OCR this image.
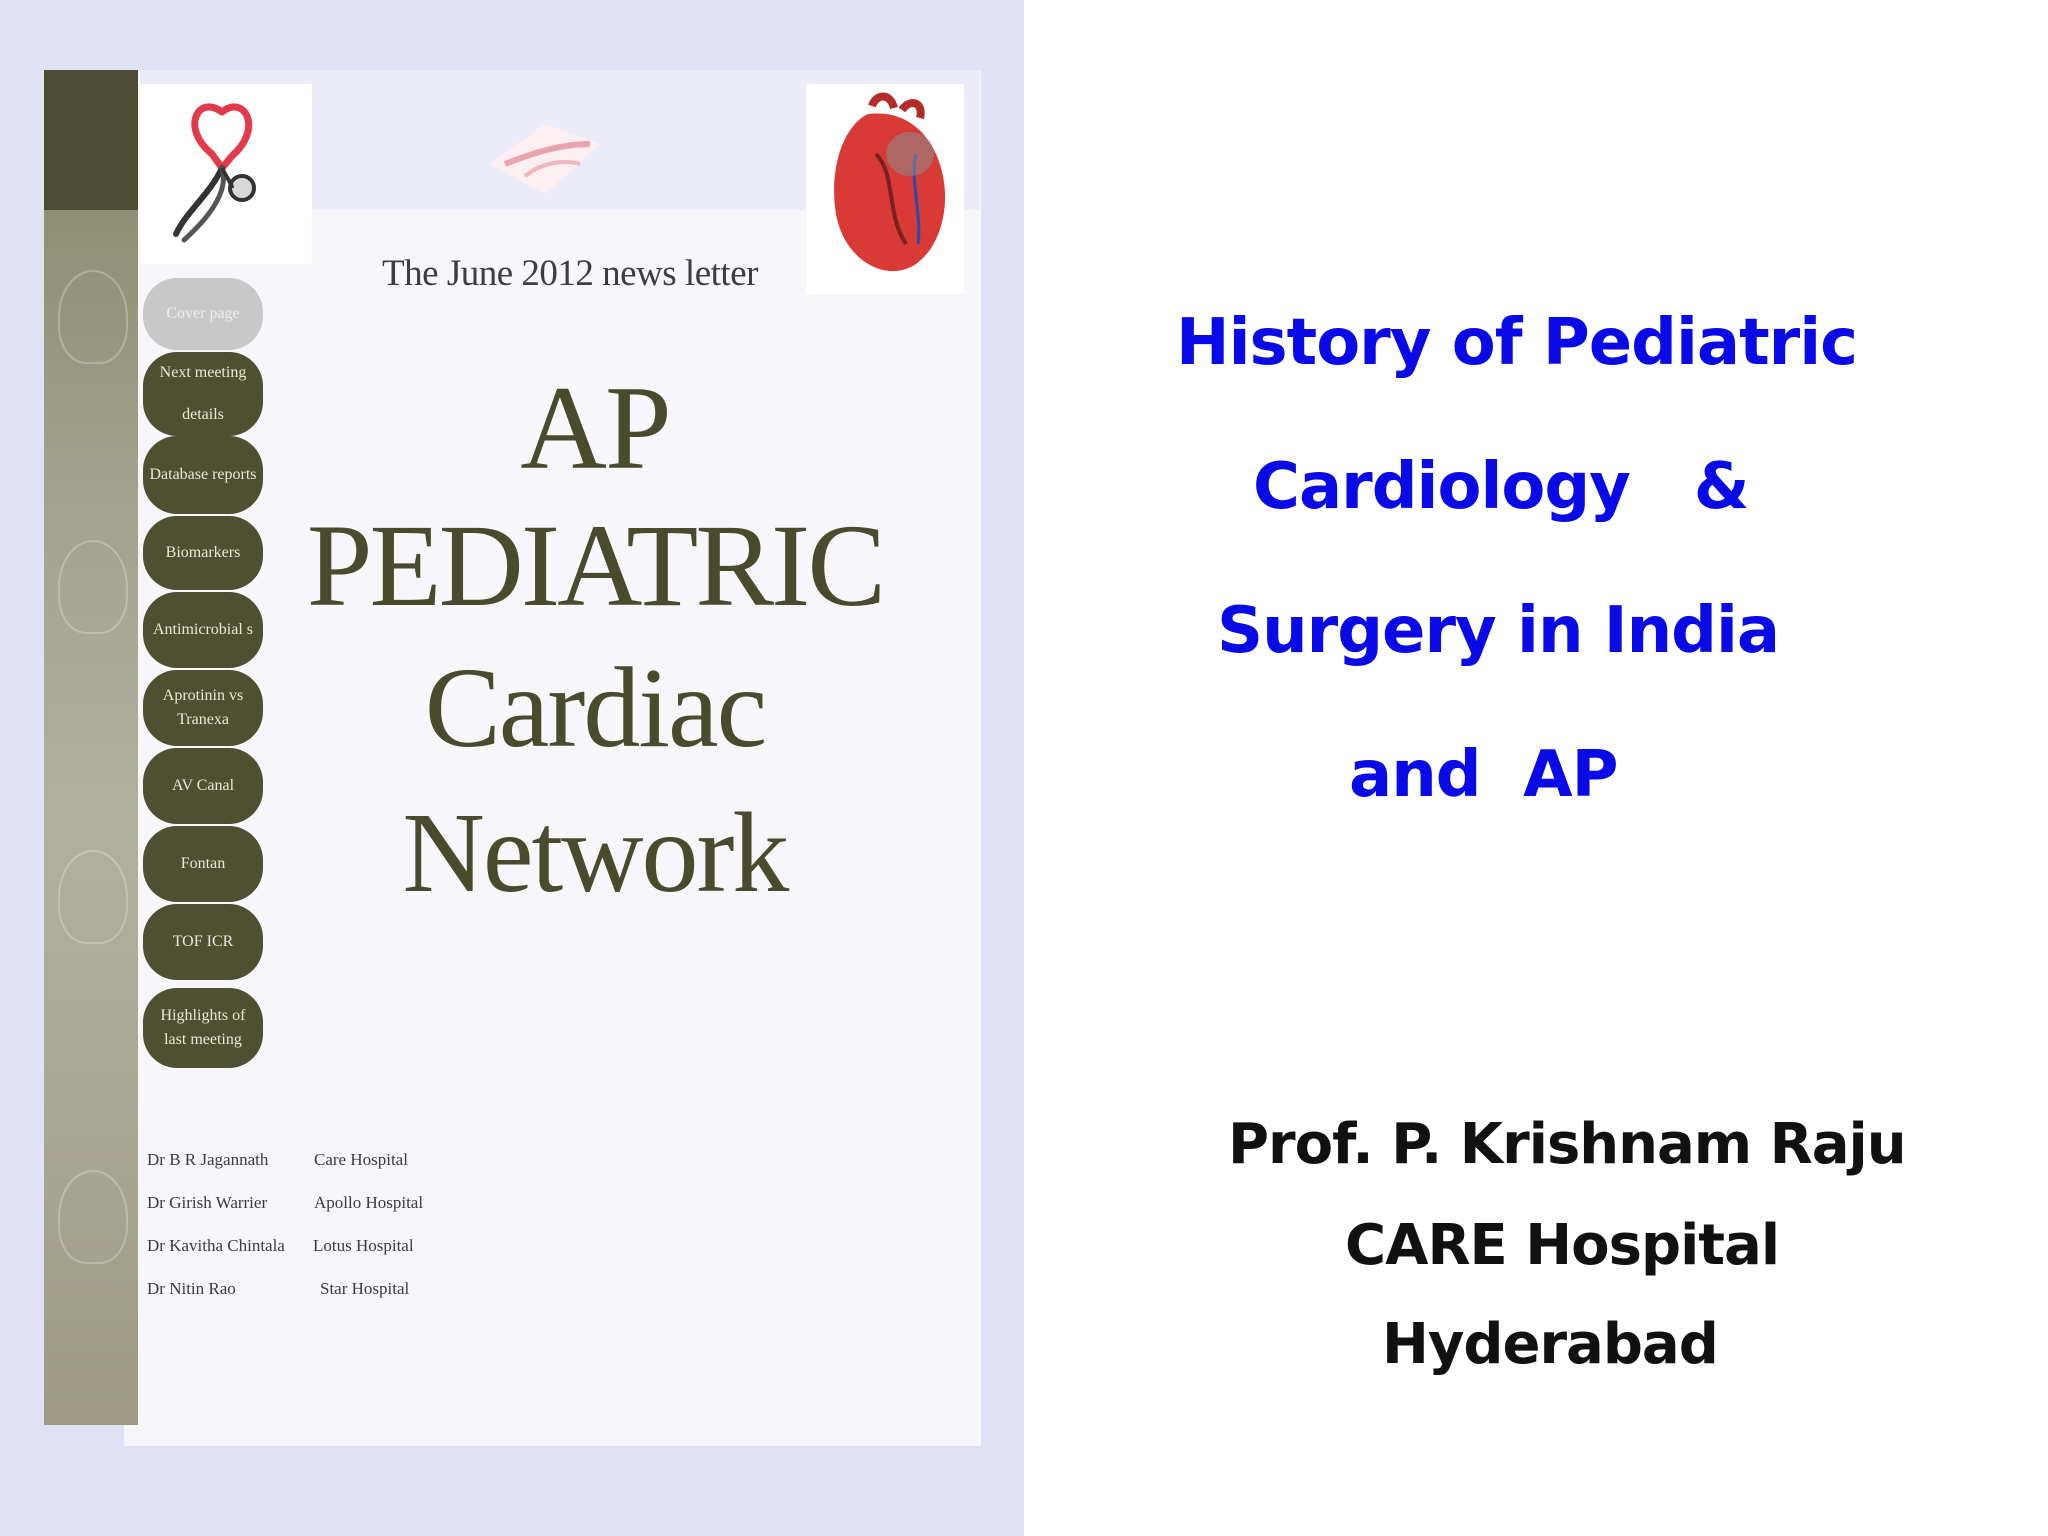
Cover page
Next meeting details
Database reports
Biomarkers
Antimicrobial s
Aprotinin vs Tranexa
AV Canal
Fontan
TOF ICR
Highlights of last meeting
The June 2012 news letter
AP
PEDIATRIC
Cardiac
Network
Dr B R Jagannath	Care Hospital
Dr Girish Warrier	Apollo Hospital
Dr Kavitha Chintala Lotus Hospital
Dr Nitin Rao	Star Hospital
History of Pediatric
Cardiology   &
Surgery in India
and  AP
Prof. P. Krishnam Raju
CARE Hospital
Hyderabad
